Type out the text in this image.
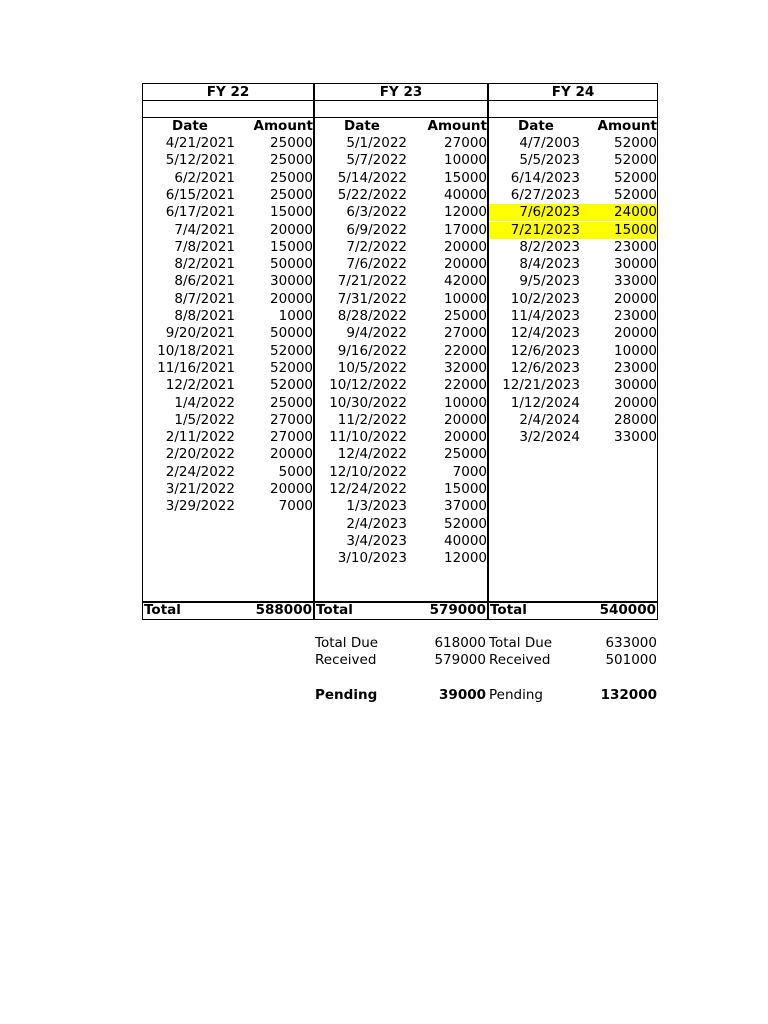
FY 22
Date	Amount
4/21/2021	25000
5/12/2021	25000
6/2/2021	25000
6/15/2021	25000
6/17/2021	15000
7/4/2021	20000
7/8/2021	15000
8/2/2021	50000
8/6/2021	30000
8/7/2021	20000
8/8/2021	1000
9/20/2021	50000
10/18/2021	52000
11/16/2021	52000
12/2/2021	52000
1/4/2022	25000
1/5/2022	27000
2/11/2022	27000
2/20/2022	20000
2/24/2022	5000
3/21/2022	20000
3/29/2022	7000
Total	588000
FY 23
Date	Amount
5/1/2022	27000
5/7/2022	10000
5/14/2022	15000
5/22/2022	40000
6/3/2022	12000
6/9/2022	17000
7/2/2022	20000
7/6/2022	20000
7/21/2022	42000
7/31/2022	10000
8/28/2022	25000
9/4/2022	27000
9/16/2022	22000
10/5/2022	32000
10/12/2022	22000
10/30/2022	10000
11/2/2022	20000
11/10/2022	20000
12/4/2022	25000
12/10/2022	7000
12/24/2022	15000
1/3/2023	37000
2/4/2023	52000
3/4/2023	40000
3/10/2023	12000
Total	579000
FY 24
Date	Amount
4/7/2003	52000
5/5/2023	52000
6/14/2023	52000
6/27/2023	52000
7/6/2023	24000
7/21/2023	15000
8/2/2023	23000
8/4/2023	30000
9/5/2023	33000
10/2/2023	20000
11/4/2023	23000
12/4/2023	20000
12/6/2023	10000
12/6/2023	23000
12/21/2023	30000
1/12/2024	20000
2/4/2024	28000
3/2/2024	33000
Total	540000
Total Due	618000
Received	579000
Pending	39000
Total Due	633000
Received	501000
Pending	132000
